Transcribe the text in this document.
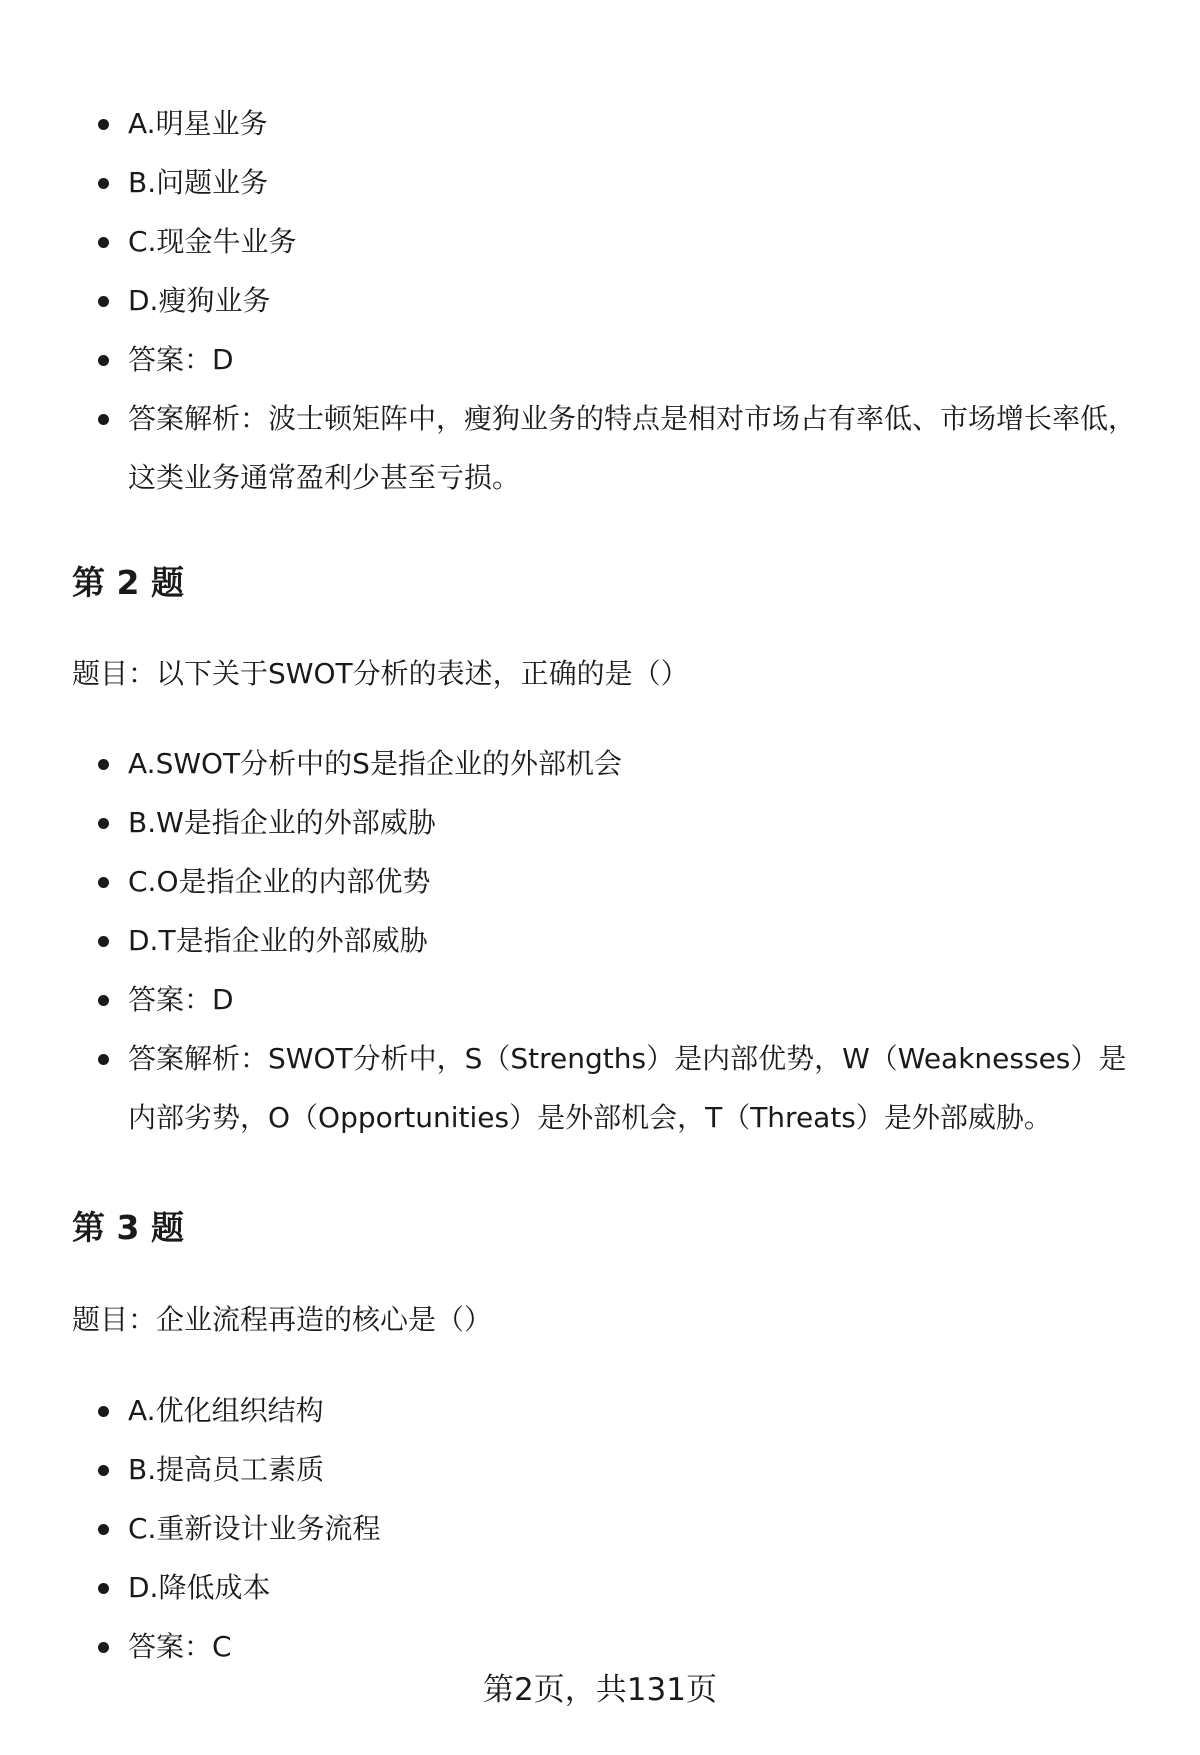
A.明星业务
B.问题业务
C.现金牛业务
D.瘦狗业务
答案：D
答案解析：波士顿矩阵中，瘦狗业务的特点是相对市场占有率低、市场增长率低，这类业务通常盈利少甚至亏损。
第 2 题

题目：以下关于SWOT分析的表述，正确的是（）

A.SWOT分析中的S是指企业的外部机会
B.W是指企业的外部威胁
C.O是指企业的内部优势
D.T是指企业的外部威胁
答案：D
答案解析：SWOT分析中，S（Strengths）是内部优势，W（Weaknesses）是内部劣势，O（Opportunities）是外部机会，T（Threats）是外部威胁。
第 3 题

题目：企业流程再造的核心是（）

A.优化组织结构
B.提高员工素质
C.重新设计业务流程
D.降低成本
答案：C
第2页，共131页
